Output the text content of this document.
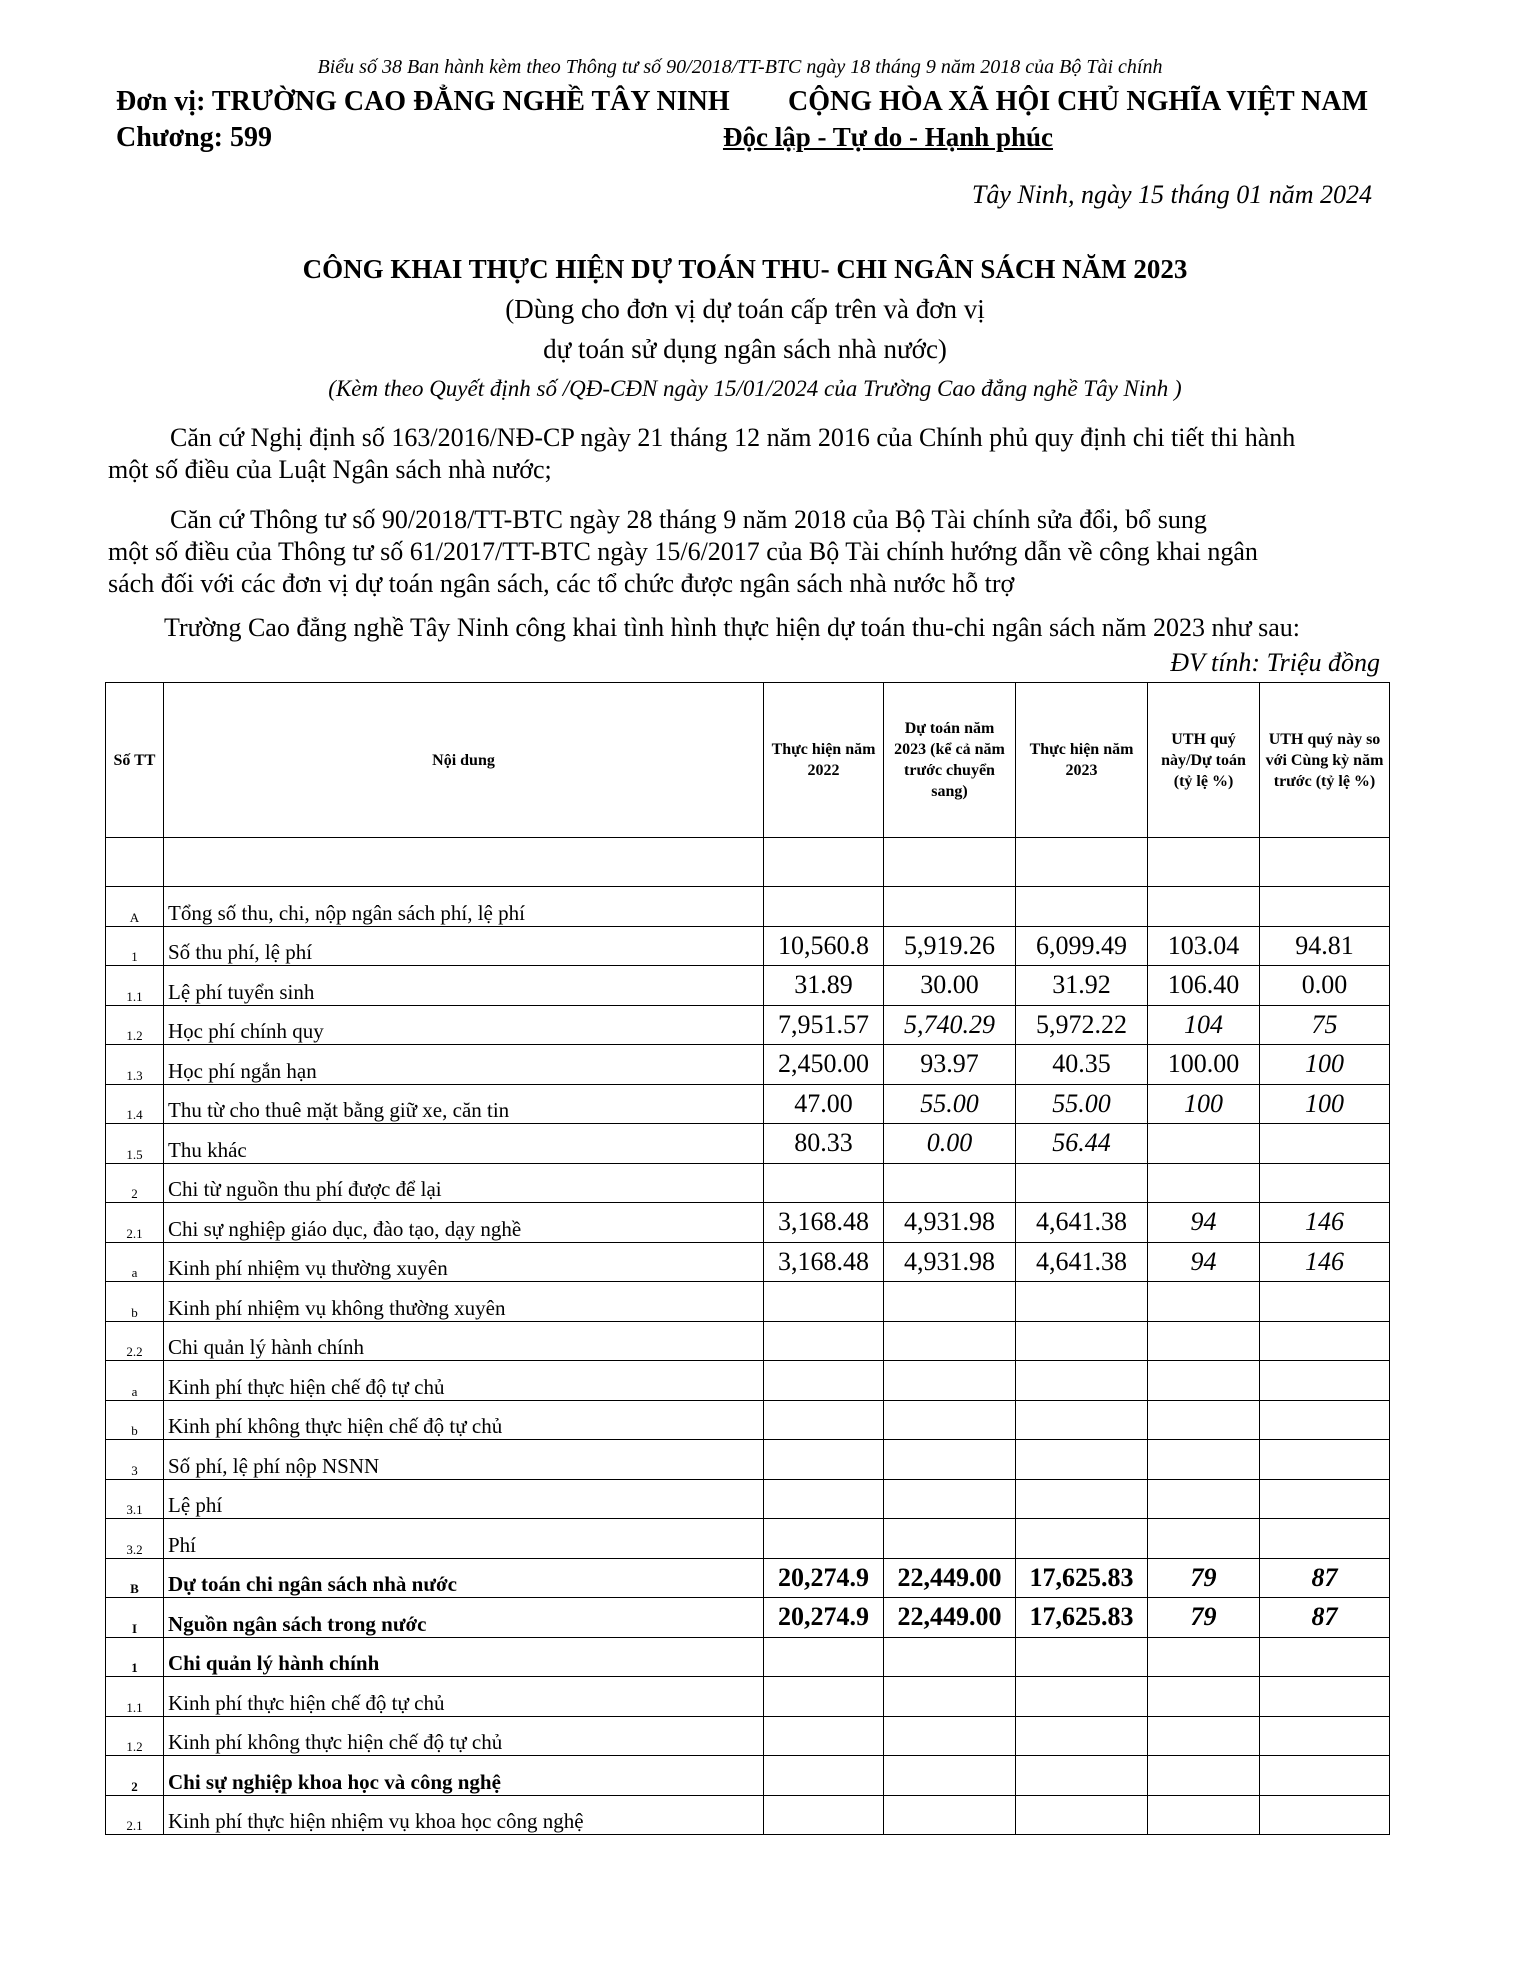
Biểu số 38 Ban hành kèm theo Thông tư số 90/2018/TT-BTC ngày 18 tháng 9 năm 2018 của Bộ Tài chính
Đơn vị: TRƯỜNG CAO ĐẲNG NGHỀ TÂY NINH
Chương: 599
CỘNG HÒA XÃ HỘI CHỦ NGHĨA VIỆT NAM
Độc lập - Tự do - Hạnh phúc
Tây Ninh, ngày 15 tháng 01 năm 2024
CÔNG KHAI THỰC HIỆN DỰ TOÁN THU- CHI NGÂN SÁCH NĂM 2023
(Dùng cho đơn vị dự toán cấp trên và đơn vị
dự toán sử dụng ngân sách nhà nước)
(Kèm theo Quyết định số /QĐ-CĐN ngày 15/01/2024 của Trường Cao đẳng nghề Tây Ninh )
Căn cứ Nghị định số 163/2016/NĐ-CP ngày 21 tháng 12 năm 2016 của Chính phủ quy định chi tiết thi hành
một số điều của Luật Ngân sách nhà nước;
Căn cứ Thông tư số 90/2018/TT-BTC ngày 28 tháng 9 năm 2018 của Bộ Tài chính sửa đổi, bổ sung
một số điều của Thông tư số 61/2017/TT-BTC ngày 15/6/2017 của Bộ Tài chính hướng dẫn về công khai ngân
sách đối với các đơn vị dự toán ngân sách, các tổ chức được ngân sách nhà nước hỗ trợ
Trường Cao đẳng nghề Tây Ninh công khai tình hình thực hiện dự toán thu-chi ngân sách năm 2023 như sau:
ĐV tính: Triệu đồng
Số TT	Nội dung	Thực hiện năm 2022	Dự toán năm 2023 (kể cả năm trước chuyển sang)	Thực hiện năm 2023	UTH quý này/Dự toán (tỷ lệ %)	UTH quý này so với Cùng kỳ năm trước (tỷ lệ %)

A	Tổng số thu, chi, nộp ngân sách phí, lệ phí					
1	Số thu phí, lệ phí	10,560.8	5,919.26	6,099.49	103.04	94.81
1.1	Lệ phí tuyển sinh	31.89	30.00	31.92	106.40	0.00
1.2	Học phí chính quy	7,951.57	5,740.29	5,972.22	104	75
1.3	Học phí ngắn hạn	2,450.00	93.97	40.35	100.00	100
1.4	Thu từ cho thuê mặt bằng giữ xe, căn tin	47.00	55.00	55.00	100	100
1.5	Thu khác	80.33	0.00	56.44		
2	Chi từ nguồn thu phí được để lại					
2.1	Chi sự nghiệp giáo dục, đào tạo, dạy nghề	3,168.48	4,931.98	4,641.38	94	146
a	Kinh phí nhiệm vụ thường xuyên	3,168.48	4,931.98	4,641.38	94	146
b	Kinh phí nhiệm vụ không thường xuyên					
2.2	Chi quản lý hành chính					
a	Kinh phí thực hiện chế độ tự chủ					
b	Kinh phí không thực hiện chế độ tự chủ					
3	Số phí, lệ phí nộp NSNN					
3.1	Lệ phí					
3.2	Phí					
B	Dự toán chi ngân sách nhà nước	20,274.9	22,449.00	17,625.83	79	87
I	Nguồn ngân sách trong nước	20,274.9	22,449.00	17,625.83	79	87
1	Chi quản lý hành chính					
1.1	Kinh phí thực hiện chế độ tự chủ					
1.2	Kinh phí không thực hiện chế độ tự chủ					
2	Chi sự nghiệp khoa học và công nghệ					
2.1	Kinh phí thực hiện nhiệm vụ khoa học công nghệ					
